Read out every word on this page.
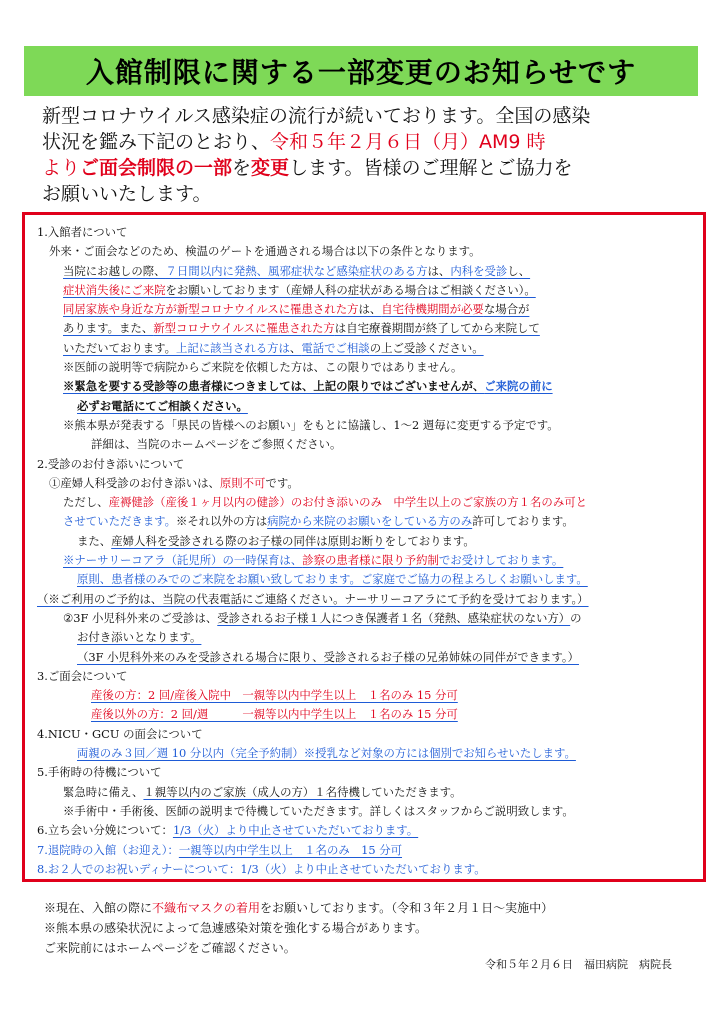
入館制限に関する一部変更のお知らせです
新型コロナウイルス感染症の流行が続いております。全国の感染
状況を鑑み下記のとおり、令和５年２月６日（月）AM9 時
よりご面会制限の一部を変更します。皆様のご理解とご協力を
お願いいたします。
1.入館者について
外来・ご面会などのため、検温のゲートを通過される場合は以下の条件となります。
当院にお越しの際、７日間以内に発熱、風邪症状など感染症状のある方は、内科を受診し、
症状消失後にご来院をお願いしております（産婦人科の症状がある場合はご相談ください）。
同居家族や身近な方が新型コロナウイルスに罹患された方は、自宅待機期間が必要な場合が
あります。また、新型コロナウイルスに罹患された方は自宅療養期間が終了してから来院して
いただいております。上記に該当される方は、電話でご相談の上ご受診ください。
※医師の説明等で病院からご来院を依頼した方は、この限りではありません。
※緊急を要する受診等の患者様につきましては、上記の限りではございませんが、ご来院の前に
必ずお電話にてご相談ください。
※熊本県が発表する「県民の皆様へのお願い」をもとに協議し、1～2 週毎に変更する予定です。
詳細は、当院のホームページをご参照ください。
2.受診のお付き添いについて
①産婦人科受診のお付き添いは、原則不可です。
ただし、産褥健診（産後１ヶ月以内の健診）のお付き添いのみ　中学生以上のご家族の方１名のみ可と
させていただきます。※それ以外の方は病院から来院のお願いをしている方のみ許可しております。
また、産婦人科を受診される際のお子様の同伴は原則お断りをしております。
※ナーサリーコアラ（託児所）の一時保育は、診察の患者様に限り予約制でお受けしております。
原則、患者様のみでのご来院をお願い致しております。ご家庭でご協力の程よろしくお願いします。
（※ご利用のご予約は、当院の代表電話にご連絡ください。ナーサリーコアラにて予約を受けております。）
②3F 小児科外来のご受診は、受診されるお子様１人につき保護者１名（発熱、感染症状のない方）の
お付き添いとなります。
（3F 小児科外来のみを受診される場合に限り、受診されるお子様の兄弟姉妹の同伴ができます。）
3.ご面会について
産後の方：2 回/産後入院中　一親等以内中学生以上　１名のみ 15 分可
産後以外の方：2 回/週　　　一親等以内中学生以上　１名のみ 15 分可
4.NICU・GCU の面会について
両親のみ３回／週 10 分以内（完全予約制）※授乳など対象の方には個別でお知らせいたします。
5.手術時の待機について
緊急時に備え、１親等以内のご家族（成人の方）１名待機していただきます。
※手術中・手術後、医師の説明まで待機していただきます。詳しくはスタッフからご説明致します。
6.立ち会い分娩について：1/3（火）より中止させていただいております。
7.退院時の入館（お迎え）：一親等以内中学生以上　１名のみ　15 分可
8.お２人でのお祝いディナーについて：1/3（火）より中止させていただいております。
※現在、入館の際に不織布マスクの着用をお願いしております。（令和３年２月１日～実施中）
※熊本県の感染状況によって急遽感染対策を強化する場合があります。
ご来院前にはホームページをご確認ください。
令和５年２月６日　福田病院　病院長
